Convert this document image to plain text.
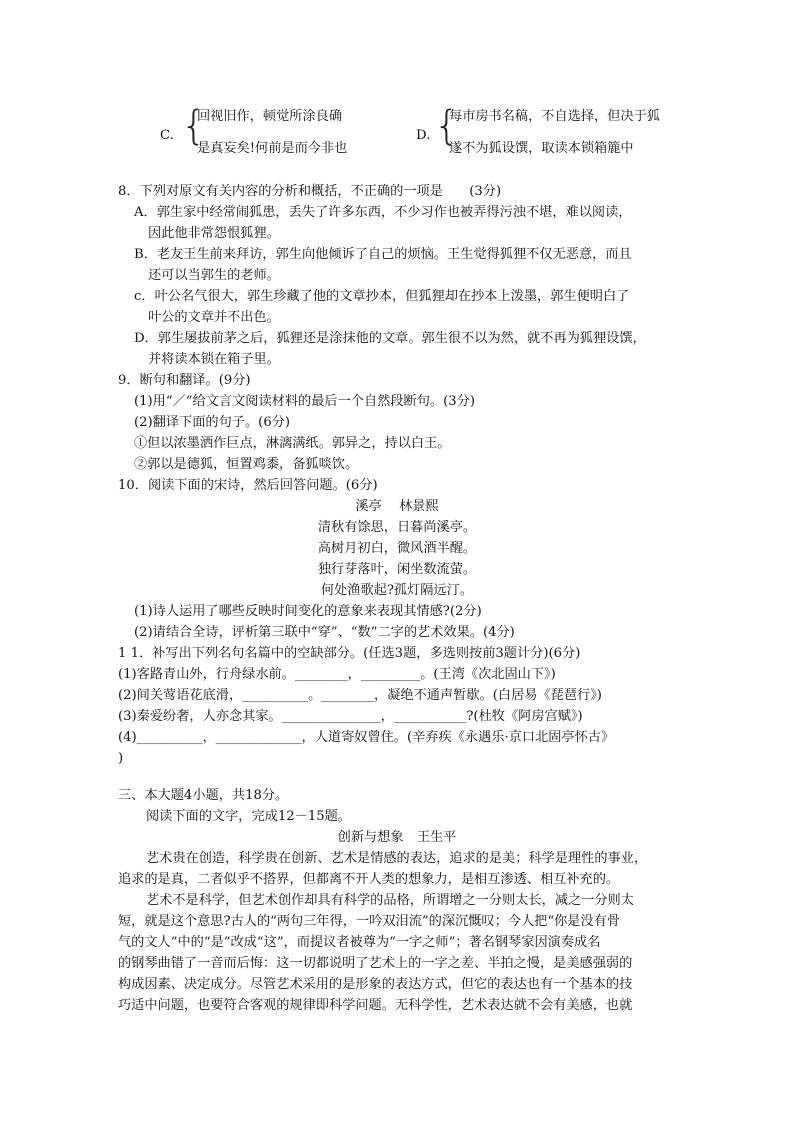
C. {
回视旧作，顿觉所涂良确
是真妄矣!何前是而今非也
D. {
每市房书名稿，不自选择，但决于狐
遂不为狐设馔，取读本锁箱簏中
8．下列对原文有关内容的分析和概括，不正确的一项是　　(3分)
A．郭生家中经常闹狐患，丢失了许多东西，不少习作也被弄得污浊不堪，难以阅读，
因此他非常怨恨狐狸。
B．老友王生前来拜访，郭生向他倾诉了自己的烦恼。王生觉得狐狸不仅无恶意，而且
还可以当郭生的老师。
c．叶公名气很大，郭生珍藏了他的文章抄本，但狐狸却在抄本上泼墨，郭生便明白了
叶公的文章并不出色。
D．郭生屡拔前茅之后，狐狸还是涂抹他的文章。郭生很不以为然，就不再为狐狸设馔，
并将读本锁在箱子里。
9．断句和翻译。(9分)
(1)用“／”给文言文阅读材料的最后一个自然段断句。(3分)
(2)翻译下面的句子。(6分)
①但以浓墨洒作巨点，淋漓满纸。郭异之，持以白王。
②郭以是德狐，恒置鸡黍，备狐啖饮。
10．阅读下面的宋诗，然后回答问题。(6分)
溪亭　 林景熙
清秋有馀思，日暮尚溪亭。
高树月初白，微风酒半醒。
独行芽落叶，闲坐数流萤。
何处渔歌起?孤灯隔远汀。
(1)诗人运用了哪些反映时间变化的意象来表现其情感?(2分)
(2)请结合全诗，评析第三联中“穿”、“数”二字的艺术效果。(4分)
1 1．补写出下列名句名篇中的空缺部分。(任选3题，多选则按前3题计分)(6分)
(1)客路青山外，行舟绿水前。________，_________。(王湾《次北固山下》)
(2)间关莺语花底滑，__________。________，凝绝不通声暂歇。(白居易《琵琶行》)
(3)秦爱纷奢，人亦念其家。_______________，___________?(杜牧《阿房宫赋》)
(4)__________，_____________，人道寄奴曾住。(辛弃疾《永遇乐·京口北固亭怀古》
)
三、本大题4小题，共18分。
阅读下面的文字，完成12－15题。
创新与想象　王生平
艺术贵在创造，科学贵在创新、艺术是情感的表达，追求的是美；科学是理性的事业，
追求的是真，二者似乎不搭界，但都离不开人类的想象力，是相互渗透、相互补充的。
艺术不是科学，但艺术创作却具有科学的品格，所谓增之一分则太长，减之一分则太
短，就是这个意思?古人的“两句三年得，一吟双泪流”的深沉慨叹；今人把“你是没有骨
气的文人”中的“是”改成“这”，而提议者被尊为“一字之师”；著名钢琴家因演奏成名
的钢琴曲错了一音而后悔：这一切都说明了艺术上的一字之差、半拍之慢，是美感强弱的
构成因素、决定成分。尽管艺术采用的是形象的表达方式，但它的表达也有一个基本的技
巧适中问题，也要符合客观的规律即科学问题。无科学性，艺术表达就不会有美感，也就
